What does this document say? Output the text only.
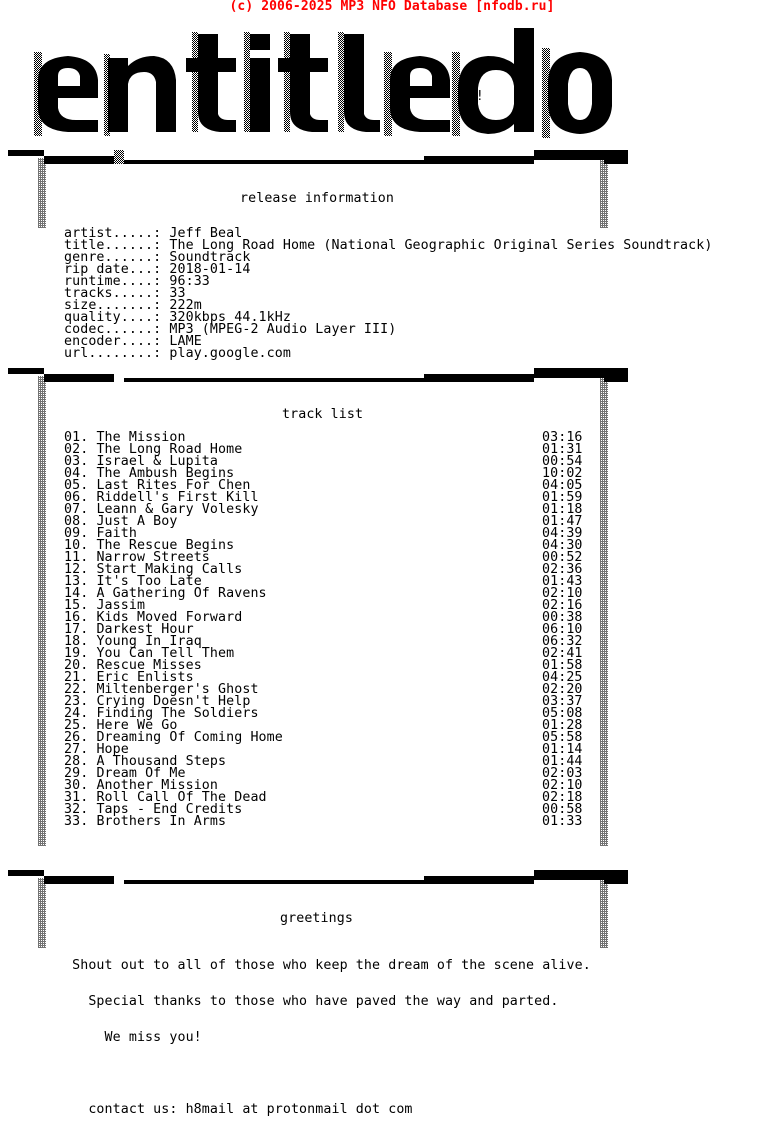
(c) 2006-2025 MP3 NFO Database [nfodb.ru]
hX!
release information
artist.....: Jeff Beal
title......: The Long Road Home (National Geographic Original Series Soundtrack)
genre......: Soundtrack
rip date...: 2018-01-14
runtime....: 96:33
tracks.....: 33
size.......: 222m
quality....: 320kbps 44.1kHz
codec......: MP3 (MPEG-2 Audio Layer III)
encoder....: LAME
url........: play.google.com
track list
01. The Mission	03:16
02. The Long Road Home	01:31
03. Israel & Lupita	00:54
04. The Ambush Begins	10:02
05. Last Rites For Chen	04:05
06. Riddell's First Kill	01:59
07. Leann & Gary Volesky	01:18
08. Just A Boy	01:47
09. Faith	04:39
10. The Rescue Begins	04:30
11. Narrow Streets	00:52
12. Start Making Calls	02:36
13. It's Too Late	01:43
14. A Gathering Of Ravens	02:10
15. Jassim	02:16
16. Kids Moved Forward	00:38
17. Darkest Hour	06:10
18. Young In Iraq	06:32
19. You Can Tell Them	02:41
20. Rescue Misses	01:58
21. Eric Enlists	04:25
22. Miltenberger's Ghost	02:20
23. Crying Doesn't Help	03:37
24. Finding The Soldiers	05:08
25. Here We Go	01:28
26. Dreaming Of Coming Home	05:58
27. Hope	01:14
28. A Thousand Steps	01:44
29. Dream Of Me	02:03
30. Another Mission	02:10
31. Roll Call Of The Dead	02:18
32. Taps - End Credits	00:58
33. Brothers In Arms	01:33
greetings

Shout out to all of those who keep the dream of the scene alive.

Special thanks to those who have paved the way and parted.

We miss you!

contact us: h8mail at protonmail dot com
